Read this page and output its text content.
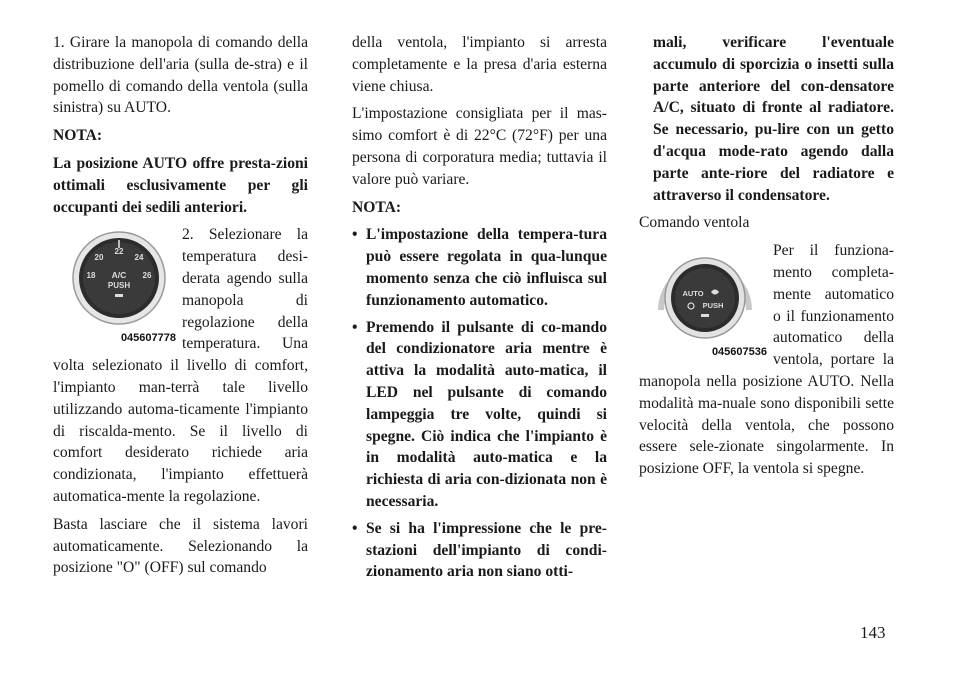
1. Girare la manopola di comando della distribuzione dell'aria (sulla de-stra) e il pomello di comando della ventola (sulla sinistra) su AUTO.

NOTA:

La posizione AUTO offre presta-zioni ottimali esclusivamente per gli occupanti dei sedili anteriori.

22
20	24
18	26
A/C
PUSH
045607778

2. Selezionare la temperatura desi-derata agendo sulla manopola di regolazione della temperatura. Una volta selezionato il livello di comfort, l'impianto man-terrà tale livello utilizzando automa-ticamente l'impianto di riscalda-mento. Se il livello di comfort desiderato richiede aria condizionata, l'impianto effettuerà automatica-mente la regolazione.

Basta lasciare che il sistema lavori automaticamente. Selezionando la posizione "O" (OFF) sul comando

della ventola, l'impianto si arresta completamente e la presa d'aria esterna viene chiusa.

L'impostazione consigliata per il mas-simo comfort è di 22°C (72°F) per una persona di corporatura media; tuttavia il valore può variare.

NOTA:

• L'impostazione della tempera-tura può essere regolata in qua-lunque momento senza che ciò influisca sul funzionamento automatico.
• Premendo il pulsante di co-mando del condizionatore aria mentre è attiva la modalità auto-matica, il LED nel pulsante di comando lampeggia tre volte, quindi si spegne. Ciò indica che l'impianto è in modalità auto-matica e la richiesta di aria con-dizionata non è necessaria.
• Se si ha l'impressione che le pre-stazioni dell'impianto di condi-zionamento aria non siano otti-

mali, verificare l'eventuale accumulo di sporcizia o insetti sulla parte anteriore del con-densatore A/C, situato di fronte al radiatore. Se necessario, pu-lire con un getto d'acqua mode-rato agendo dalla parte ante-riore del radiatore e attraverso il condensatore.

Comando ventola

AUTO
PUSH
045607536

Per il funziona-mento completa-mente automatico o il funzionamento automatico della ventola, portare la manopola nella posizione AUTO. Nella modalità ma-nuale sono disponibili sette velocità della ventola, che possono essere sele-zionate singolarmente. In posizione OFF, la ventola si spegne.

143
